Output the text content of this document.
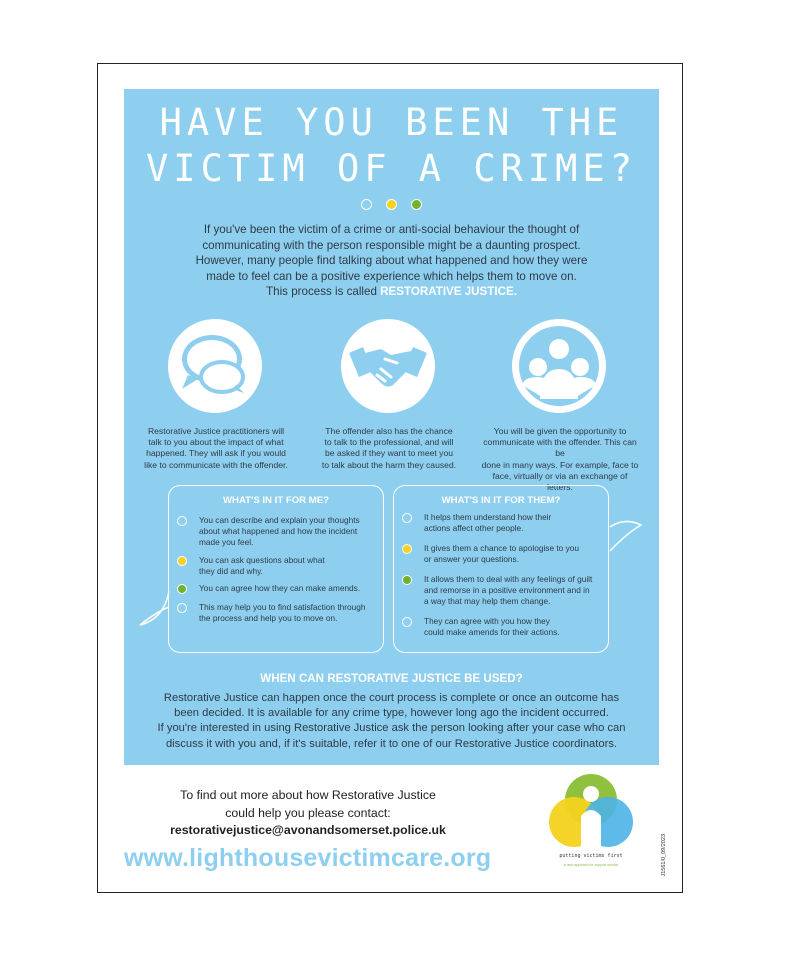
HAVE YOU BEEN THE
VICTIM OF A CRIME?
If you've been the victim of a crime or anti-social behaviour the thought of
communicating with the person responsible might be a daunting prospect.
However, many people find talking about what happened and how they were
made to feel can be a positive experience which helps them to move on.
This process is called RESTORATIVE JUSTICE.
Restorative Justice practitioners will
talk to you about the impact of what
happened. They will ask if you would
like to communicate with the offender.
The offender also has the chance
to talk to the professional, and will
be asked if they want to meet you
to talk about the harm they caused.
You will be given the opportunity to
communicate with the offender. This can be
done in many ways. For example, face to
face, virtually or via an exchange of letters.
WHAT'S IN IT FOR ME?
You can describe and explain your thoughts
about what happened and how the incident
made you feel.
You can ask questions about what
they did and why.
You can agree how they can make amends.
This may help you to find satisfaction through
the process and help you to move on.
WHAT'S IN IT FOR THEM?
It helps them understand how their
actions affect other people.
It gives them a chance to apologise to you
or answer your questions.
It allows them to deal with any feelings of guilt
and remorse in a positive environment and in
a way that may help them change.
They can agree with you how they
could make amends for their actions.
WHEN CAN RESTORATIVE JUSTICE BE USED?
Restorative Justice can happen once the court process is complete or once an outcome has
been decided. It is available for any crime type, however long ago the incident occurred.
If you're interested in using Restorative Justice ask the person looking after your case who can
discuss it with you and, if it's suitable, refer it to one of our Restorative Justice coordinators.
To find out more about how Restorative Justice
could help you please contact:
restorativejustice@avonandsomerset.police.uk
www.lighthousevictimcare.org	putting victims first
a new approach for support service	J1561/0_09/2023
